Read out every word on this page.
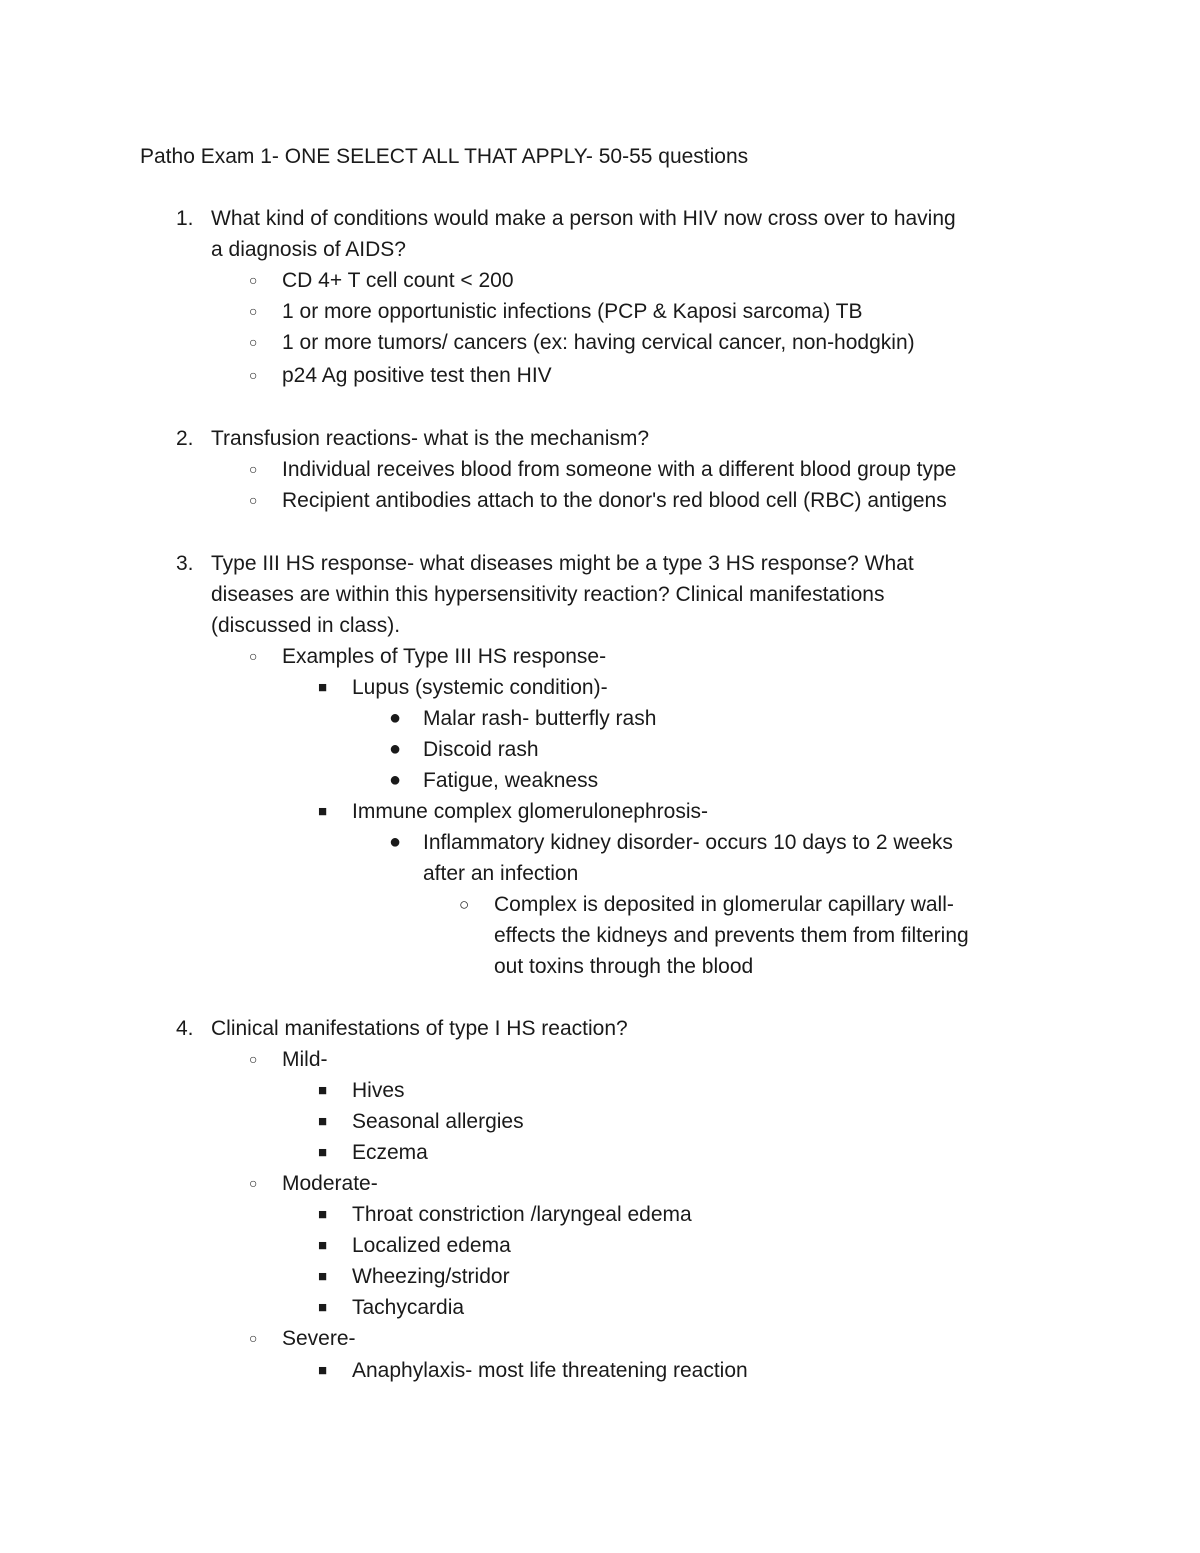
Patho Exam 1- ONE SELECT ALL THAT APPLY- 50-55 questions
1. What kind of conditions would make a person with HIV now cross over to having
a diagnosis of AIDS?
○ CD 4+ T cell count < 200
○ 1 or more opportunistic infections (PCP & Kaposi sarcoma) TB
○ 1 or more tumors/ cancers (ex: having cervical cancer, non-hodgkin)
○ p24 Ag positive test then HIV
2. Transfusion reactions- what is the mechanism?
○ Individual receives blood from someone with a different blood group type
○ Recipient antibodies attach to the donor's red blood cell (RBC) antigens
3. Type III HS response- what diseases might be a type 3 HS response? What
diseases are within this hypersensitivity reaction? Clinical manifestations
(discussed in class).
○ Examples of Type III HS response-
■ Lupus (systemic condition)-
● Malar rash- butterfly rash
● Discoid rash
● Fatigue, weakness
■ Immune complex glomerulonephrosis-
● Inflammatory kidney disorder- occurs 10 days to 2 weeks
after an infection
○ Complex is deposited in glomerular capillary wall-
effects the kidneys and prevents them from filtering
out toxins through the blood
4. Clinical manifestations of type I HS reaction?
○ Mild-
■ Hives
■ Seasonal allergies
■ Eczema
○ Moderate-
■ Throat constriction /laryngeal edema
■ Localized edema
■ Wheezing/stridor
■ Tachycardia
○ Severe-
■ Anaphylaxis- most life threatening reaction
